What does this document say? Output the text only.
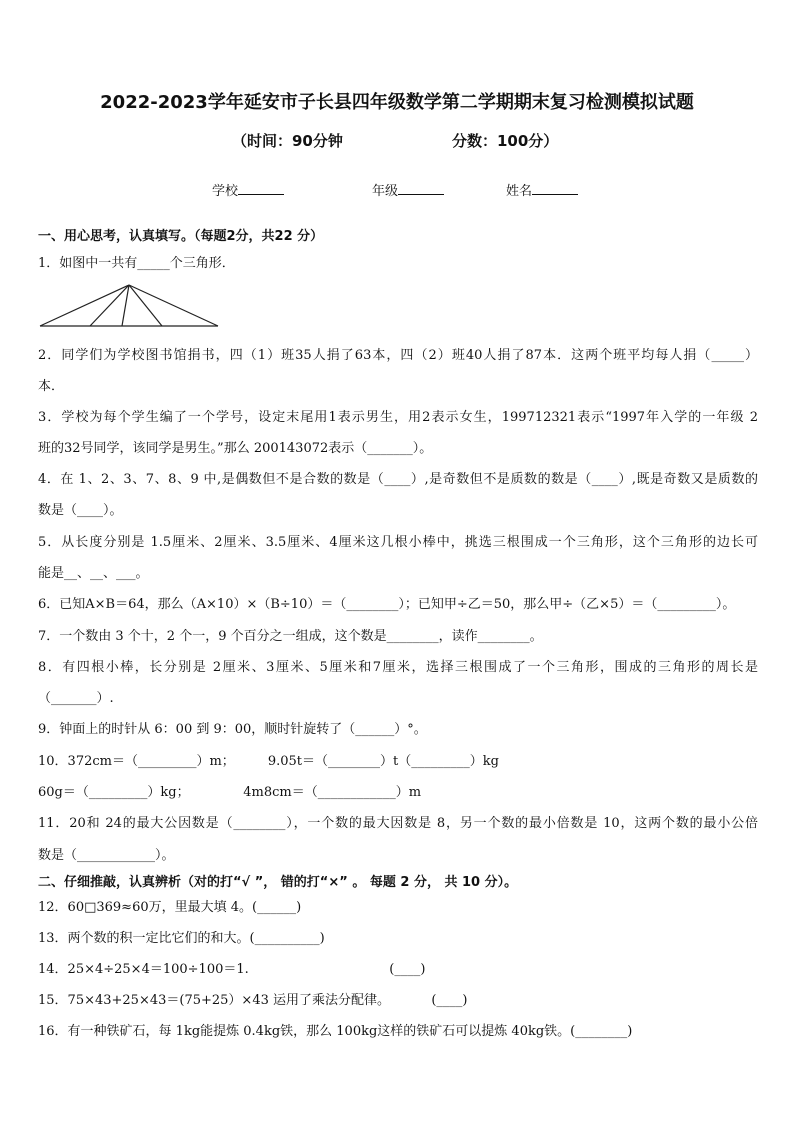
2022-2023学年延安市子长县四年级数学第二学期期末复习检测模拟试题
（时间：90分钟	分数：100分）
学校	年级	姓名
一、用心思考，认真填写。（每题2分，共22 分）
1．如图中一共有_____个三角形．
2．同学们为学校图书馆捐书，四（1）班35人捐了63本，四（2）班40人捐了87本．这两个班平均每人捐（_____）
本．
3．学校为每个学生编了一个学号，设定末尾用1表示男生，用2表示女生，199712321表示“1997年入学的一年级 2
班的32号同学，该同学是男生。”那么 200143072表示（_______）。
4．在 1、2、3、7、8、9 中,是偶数但不是合数的数是（____）,是奇数但不是质数的数是（____）,既是奇数又是质数的
数是（____）。
5．从长度分别是 1.5厘米、2厘米、3.5厘米、4厘米这几根小棒中，挑选三根围成一个三角形，这个三角形的边长可
能是__、__、___。
6．已知A×B＝64，那么（A×10）×（B÷10）＝（________）；已知甲÷乙＝50，那么甲÷（乙×5）＝（_________）。
7．一个数由 3 个十，2 个一，9 个百分之一组成，这个数是________，读作________。
8．有四根小棒，长分别是 2厘米、3厘米、5厘米和7厘米，选择三根围成了一个三角形，围成的三角形的周长是
（_______）.
9．钟面上的时针从 6：00 到 9：00，顺时针旋转了（______）°。
10．372cm＝（_________）m；        9.05t＝（________）t（_________）kg
60g＝（_________）kg；             4m8cm＝（____________）m
11．20和 24的最大公因数是（________），一个数的最大因数是 8，另一个数的最小倍数是 10，这两个数的最小公倍
数是（____________）。
二、仔细推敲，认真辨析（对的打“√ ”， 错的打“×” 。 每题 2 分， 共 10 分）。
12．60□369≈60万，里最大填 4。(______)
13．两个数的积一定比它们的和大。(__________)
14．25×4÷25×4＝100÷100＝1.                                  (____)
15．75×43+25×43＝(75+25）×43 运用了乘法分配律。          (____)
16．有一种铁矿石，每 1kg能提炼 0.4kg铁，那么 100kg这样的铁矿石可以提炼 40kg铁。(________)
